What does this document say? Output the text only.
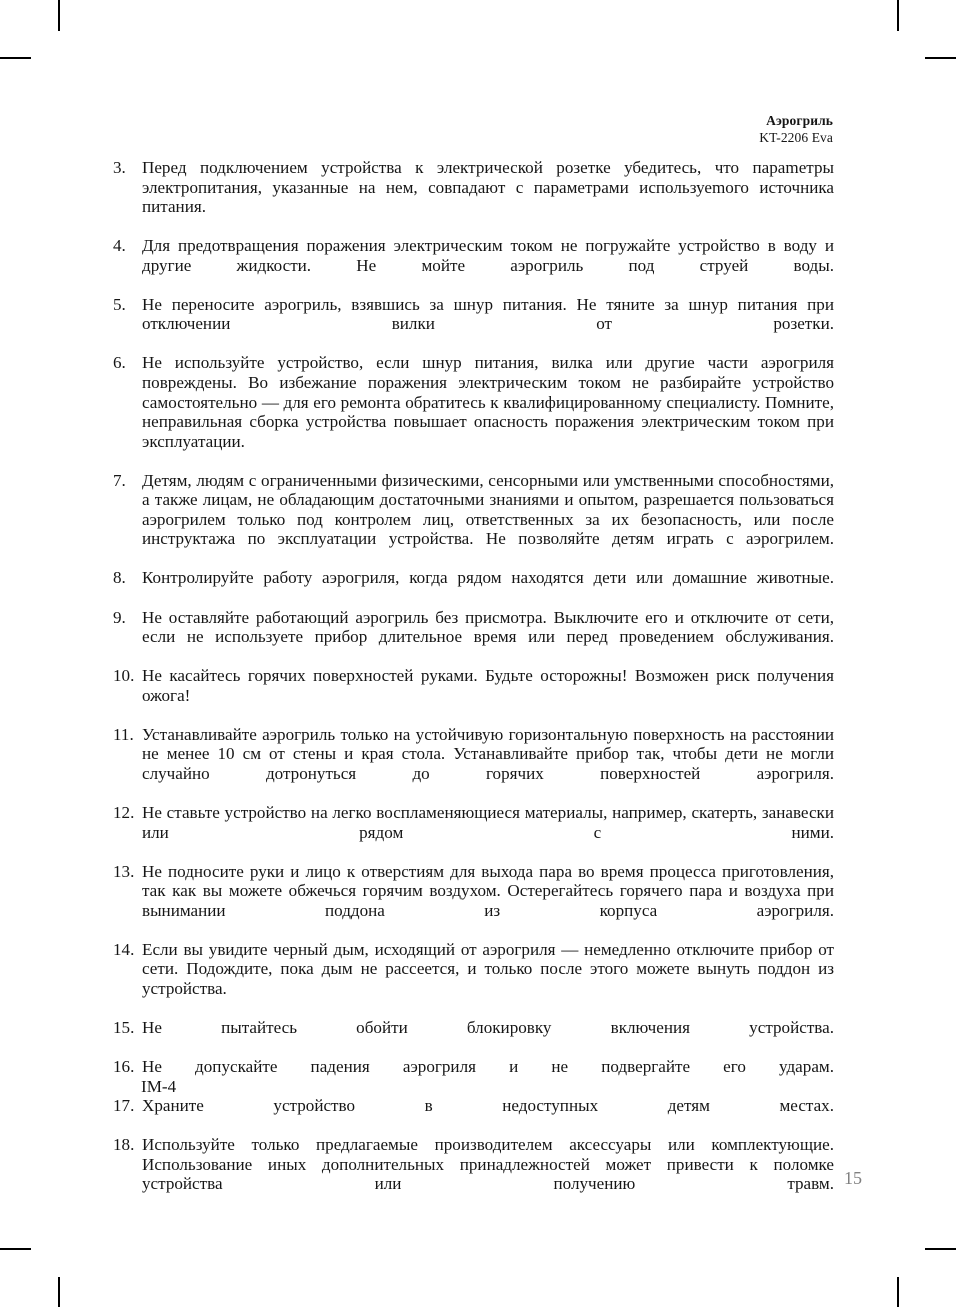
Аэрогриль
KT-2206 Eva
3. Перед подключением устройства к электрической розетке убедитесь, что параmетры электропитания, указанные на нем, совпадают с параметрами используеmого источника питания.
4. Для предотвращения поражения электрическим током не погружайте устройство в воду и другие жидкости. Не мойте аэрогриль под струей воды.
5. Не переносите аэрогриль, взявшись за шнур питания. Не тяните за шнур питания при отключении вилки от розетки.
6. Не используйте устройство, если шнур питания, вилка или другие части аэрогриля повреждены. Во избежание поражения электрическим током не разбирайте устройство самостоятельно — для его ремонта обратитесь к квалифицированному специалисту. Помните, неправильная сборка устройства повышает опасность поражения электрическим током при эксплуатации.
7. Детям, людям с ограниченными физическими, сенсорными или умственными способностями, а также лицам, не обладающим достаточными знаниями и опытом, разрешается пользоваться аэрогрилем только под контролем лиц, ответственных за их безопасность, или после инструктажа по эксплуатации устройства. Не позволяйте детям играть с аэрогрилем.
8. Контролируйте работу аэрогриля, когда рядом находятся дети или домашние животные.
9. Не оставляйте работающий аэрогриль без присмотра. Выключите его и отключите от сети, если не используете прибор длительное время или перед проведением обслуживания.
10. Не касайтесь горячих поверхностей руками. Будьте осторожны! Возможен риск получения ожога!
11. Устанавливайте аэрогриль только на устойчивую горизонтальную поверхность на расстоянии не менее 10 см от стены и края стола. Устанавливайте прибор так, чтобы дети не могли случайно дотронуться до горячих поверхностей аэрогриля.
12. Не ставьте устройство на легко воспламеняющиеся материалы, например, скатерть, занавески или рядом с ними.
13. Не подносите руки и лицо к отверстиям для выхода пара во время процесса приготовления, так как вы можете обжечься горячим воздухом. Остерегайтесь горячего пара и воздуха при вынимании поддона из корпуса аэрогриля.
14. Если вы увидите черный дым, исходящий от аэрогриля — немедленно отключите прибор от сети. Подождите, пока дым не рассеется, и только после этого можете вынуть поддон из устройства.
15. Не пытайтесь обойти блокировку включения устройства.
16. Не допускайте падения аэрогриля и не подвергайте его ударам.
17. Храните устройство в недоступных детям местах.
18. Используйте только предлагаемые производителем аксессуары или комплектующие. Использование иных дополнительных принадлежностей может привести к поломке устройства или получению травм.
IM-4
15
